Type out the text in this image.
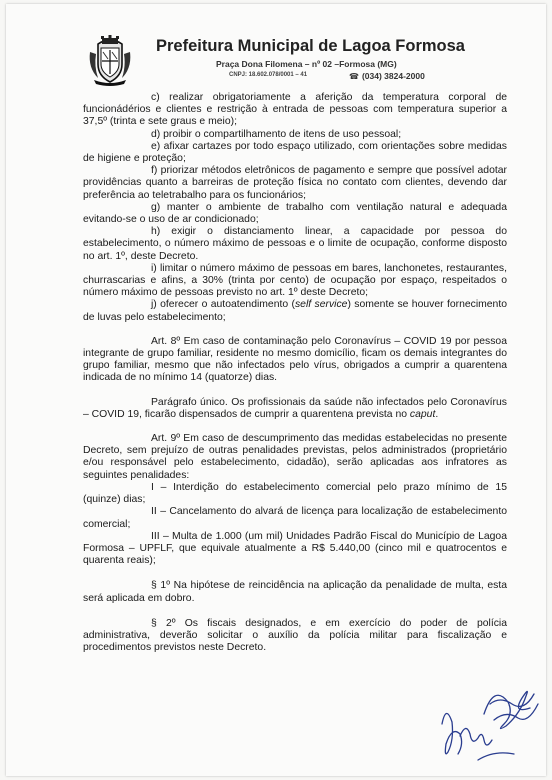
Prefeitura Municipal de Lagoa Formosa
Praça Dona Filomena – nº 02 –Formosa (MG)
CNPJ: 18.602.078/0001 – 41	☎ (034) 3824-2000

c) realizar obrigatoriamente a aferição da temperatura corporal de funcionádérios e clientes e restrição à entrada de pessoas com temperatura superior a 37,5º (trinta e sete graus e meio);

d) proibir o compartilhamento de itens de uso pessoal;

e) afixar cartazes por todo espaço utilizado, com orientações sobre medidas de higiene e proteção;

f) priorizar métodos eletrônicos de pagamento e sempre que possível adotar providências quanto a barreiras de proteção física no contato com clientes, devendo dar preferência ao teletrabalho para os funcionários;

g) manter o ambiente de trabalho com ventilação natural e adequada evitando-se o uso de ar condicionado;

h) exigir o distanciamento linear, a capacidade por pessoa do estabelecimento, o número máximo de pessoas e o limite de ocupação, conforme disposto no art. 1º, deste Decreto.

i) limitar o número máximo de pessoas em bares, lanchonetes, restaurantes, churrascarias e afins, a 30% (trinta por cento) de ocupação por espaço, respeitados o número máximo de pessoas previsto no art. 1º deste Decreto;

j) oferecer o autoatendimento (self service) somente se houver fornecimento de luvas pelo estabelecimento;

Art. 8º Em caso de contaminação pelo Coronavírus – COVID 19 por pessoa integrante de grupo familiar, residente no mesmo domicílio, ficam os demais integrantes do grupo familiar, mesmo que não infectados pelo vírus, obrigados a cumprir a quarentena indicada de no mínimo 14 (quatorze) dias.

Parágrafo único. Os profissionais da saúde não infectados pelo Coronavírus – COVID 19, ficarão dispensados de cumprir a quarentena prevista no caput.

Art. 9º Em caso de descumprimento das medidas estabelecidas no presente Decreto, sem prejuízo de outras penalidades previstas, pelos administrados (proprietário e/ou responsável pelo estabelecimento, cidadão), serão aplicadas aos infratores as seguintes penalidades:

I – Interdição do estabelecimento comercial pelo prazo mínimo de 15 (quinze) dias;

II – Cancelamento do alvará de licença para localização de estabelecimento comercial;

III – Multa de 1.000 (um mil) Unidades Padrão Fiscal do Município de Lagoa Formosa – UPFLF, que equivale atualmente a R$ 5.440,00 (cinco mil e quatrocentos e quarenta reais);

§ 1º Na hipótese de reincidência na aplicação da penalidade de multa, esta será aplicada em dobro.

§ 2º Os fiscais designados, e em exercício do poder de polícia administrativa, deverão solicitar o auxílio da polícia militar para fiscalização e procedimentos previstos neste Decreto.
